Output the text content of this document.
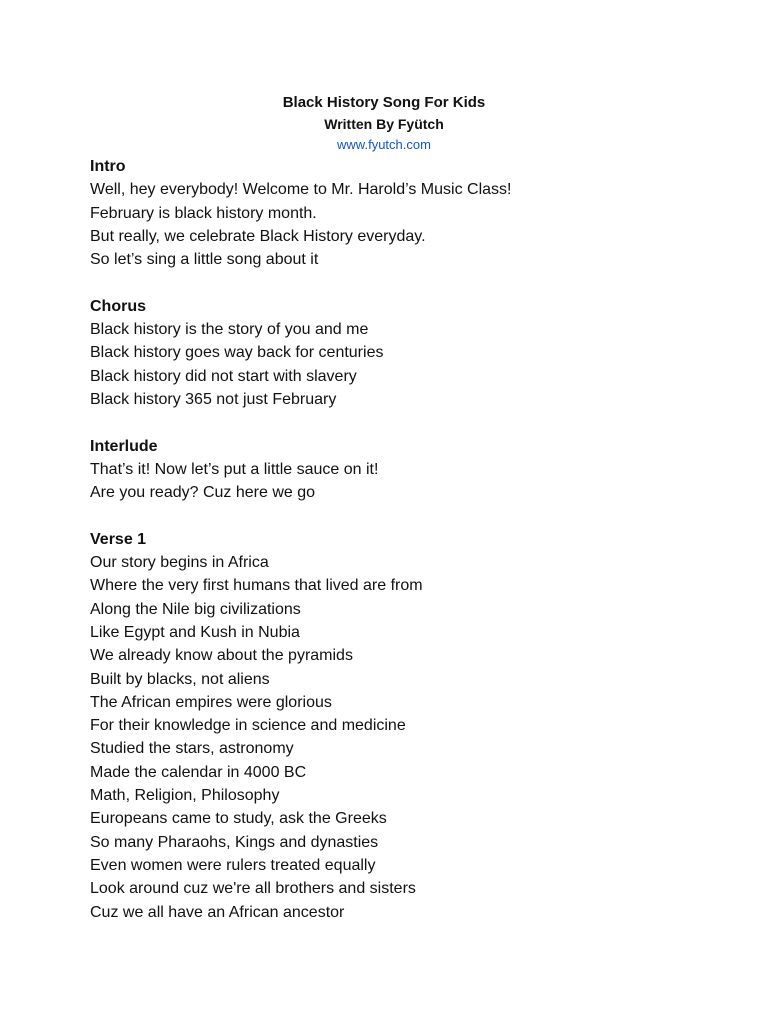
Black History Song For Kids
Written By Fyütch
www.fyutch.com
Intro
Well, hey everybody! Welcome to Mr. Harold’s Music Class!
February is black history month.
But really, we celebrate Black History everyday.
So let’s sing a little song about it
Chorus
Black history is the story of you and me
Black history goes way back for centuries
Black history did not start with slavery
Black history 365 not just February
Interlude
That’s it! Now let’s put a little sauce on it!
Are you ready? Cuz here we go
Verse 1
Our story begins in Africa
Where the very first humans that lived are from
Along the Nile big civilizations
Like Egypt and Kush in Nubia
We already know about the pyramids
Built by blacks, not aliens
The African empires were glorious
For their knowledge in science and medicine
Studied the stars, astronomy
Made the calendar in 4000 BC
Math, Religion, Philosophy
Europeans came to study, ask the Greeks
So many Pharaohs, Kings and dynasties
Even women were rulers treated equally
Look around cuz we're all brothers and sisters
Cuz we all have an African ancestor
